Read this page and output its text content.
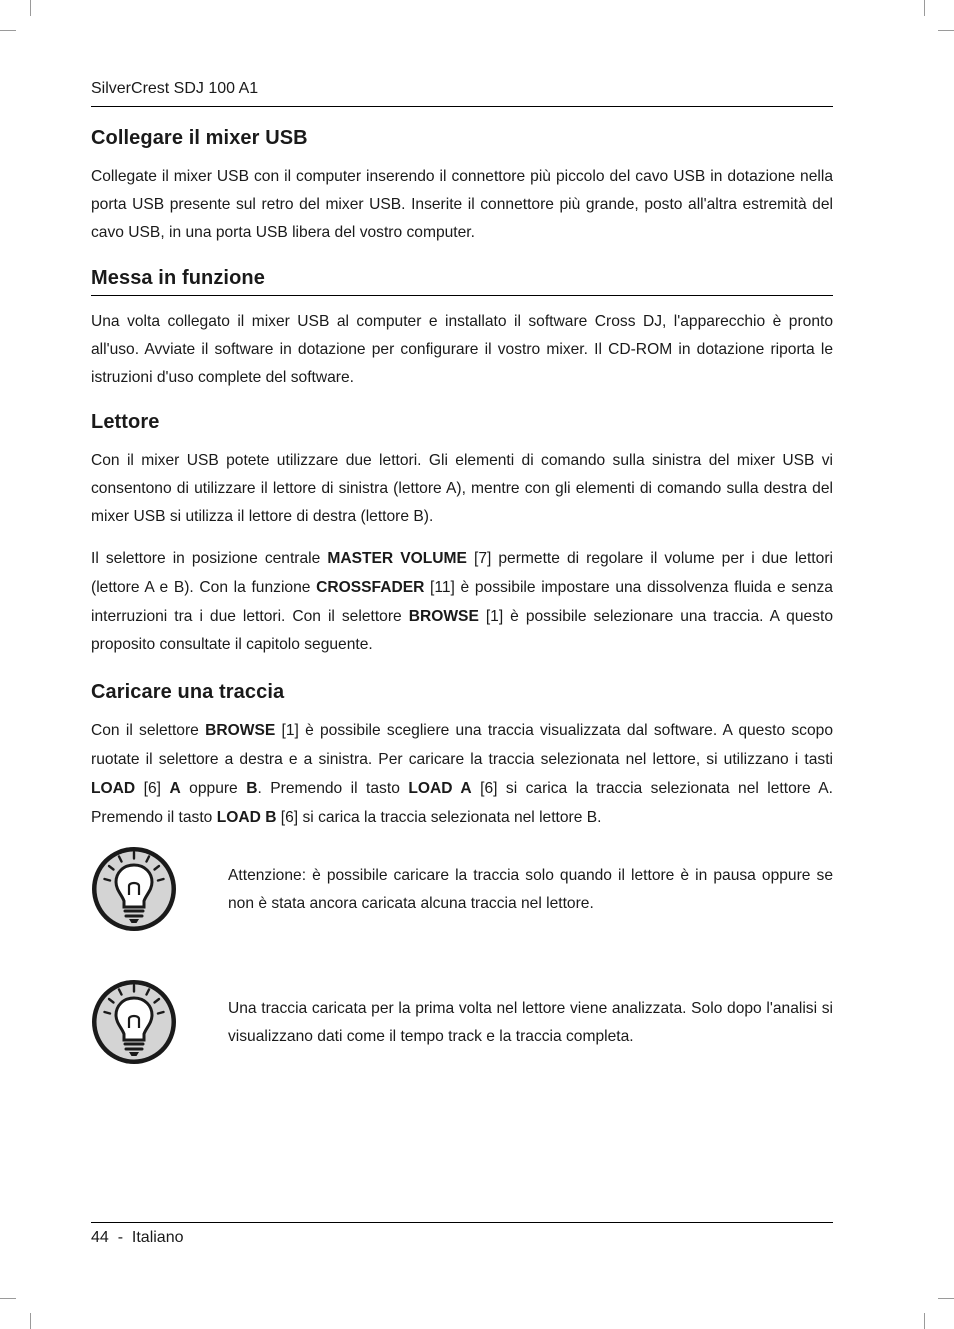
SilverCrest SDJ 100 A1
Collegare il mixer USB

Collegate il mixer USB con il computer inserendo il connettore più piccolo del cavo USB in dotazione nella porta USB presente sul retro del mixer USB. Inserite il connettore più grande, posto all'altra estremità del cavo USB, in una porta USB libera del vostro computer.

Messa in funzione

Una volta collegato il mixer USB al computer e installato il software Cross DJ, l'apparecchio è pronto all'uso. Avviate il software in dotazione per configurare il vostro mixer. Il CD-ROM in dotazione riporta le istruzioni d'uso complete del software.

Lettore

Con il mixer USB potete utilizzare due lettori. Gli elementi di comando sulla sinistra del mixer USB vi consentono di utilizzare il lettore di sinistra (lettore A), mentre con gli elementi di comando sulla destra del mixer USB si utilizza il lettore di destra (lettore B).

Il selettore in posizione centrale MASTER VOLUME [7] permette di regolare il volume per i due lettori (lettore A e B). Con la funzione CROSSFADER [11] è possibile impostare una dissolvenza fluida e senza interruzioni tra i due lettori. Con il selettore BROWSE [1] è possibile selezionare una traccia. A questo proposito consultate il capitolo seguente.

Caricare una traccia

Con il selettore BROWSE [1] è possibile scegliere una traccia visualizzata dal software. A questo scopo ruotate il selettore a destra e a sinistra. Per caricare la traccia selezionata nel lettore, si utilizzano i tasti LOAD [6] A oppure B. Premendo il tasto LOAD A [6] si carica la traccia selezionata nel lettore A. Premendo il tasto LOAD B [6] si carica la traccia selezionata nel lettore B.

Attenzione: è possibile caricare la traccia solo quando il lettore è in pausa oppure se non è stata ancora caricata alcuna traccia nel lettore.
Una traccia caricata per la prima volta nel lettore viene analizzata. Solo dopo l'analisi si visualizzano dati come il tempo track e la traccia completa.
44 - Italiano
